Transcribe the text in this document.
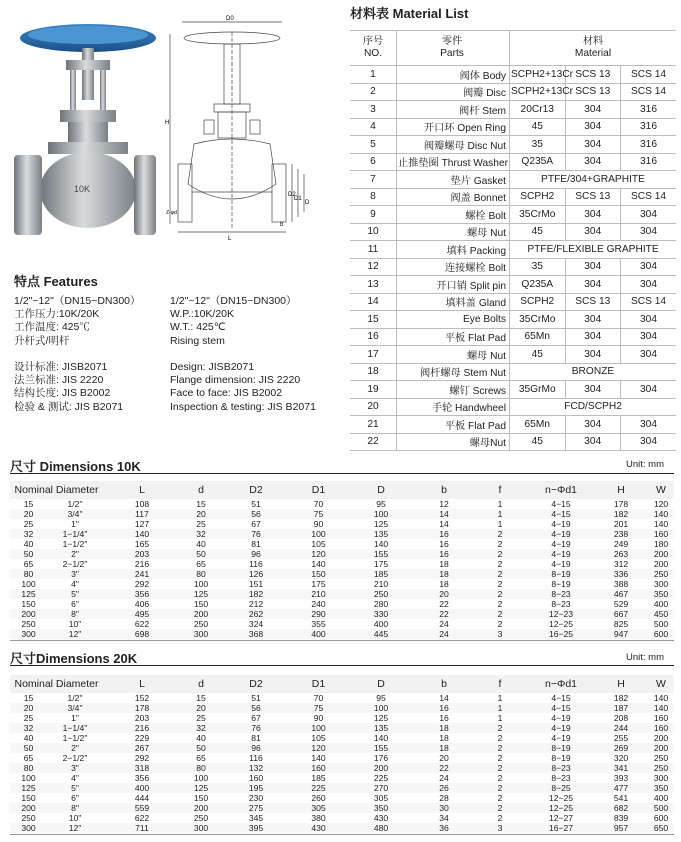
10K
D0
H
D2
D1
D
b
Z-φd
L
材料表 Material List
序号
NO.	零件
Parts	材料
Material		
1	阀体 Body	SCPH2+13Cr	SCS 13	SCS 14
2	阀瓣 Disc	SCPH2+13Cr	SCS 13	SCS 14
3	阀杆 Stem	20Cr13	304	316
4	开口环 Open Ring	45	304	316
5	阀瓣螺母 Disc Nut	35	304	316
6	止推垫圈 Thrust Washer	Q235A	304	316
7	垫片 Gasket	PTFE/304+GRAPHITE		
8	阀盖 Bonnet	SCPH2	SCS 13	SCS 14
9	螺栓 Bolt	35CrMo	304	304
10	螺母 Nut	45	304	304
11	填料 Packing	PTFE/FLEXIBLE GRAPHITE		
12	连接螺栓 Bolt	35	304	304
13	开口销 Split pin	Q235A	304	304
14	填料盖 Gland	SCPH2	SCS 13	SCS 14
15	Eye Bolts	35CrMo	304	304
16	平板 Flat Pad	65Mn	304	304
17	螺母 Nut	45	304	304
18	阀杆螺母 Stem Nut	BRONZE		
19	螺钉 Screws	35GrMo	304	304
20	手轮 Handwheel	FCD/SCPH2		
21	平板 Flat Pad	65Mn	304	304
22	螺母Nut	45	304	304
特点 Features
1/2"~12"（DN15~DN300）
工作压力:10K/20K
工作温度: 425℃
升杆式/明杆
1/2"~12"（DN15~DN300）
W.P.:10K/20K
W.T.: 425℃
Rising stem
设计标准: JISB2071
法兰标准: JIS 2220
结构长度: JIS B2002
检验 & 测试: JIS B2071
Design: JISB2071
Flange dimension: JIS 2220
Face to face: JIS B2002
Inspection & testing: JIS B2071
尺寸 Dimensions 10K	Unit: mm
Nominal Diameter		L	d	D2	D1	D	b	f	n−Φd1	H	W
15	1/2"	108	15	51	70	95	12	1	4−15	178	120
20	3/4"	117	20	56	75	100	14	1	4−15	182	140
25	1"	127	25	67	90	125	14	1	4−19	201	140
32	1−1/4"	140	32	76	100	135	16	2	4−19	238	160
40	1−1/2"	165	40	81	105	140	16	2	4−19	249	180
50	2"	203	50	96	120	155	16	2	4−19	263	200
65	2−1/2"	216	65	116	140	175	18	2	4−19	312	200
80	3"	241	80	126	150	185	18	2	8−19	336	250
100	4"	292	100	151	175	210	18	2	8−19	388	300
125	5"	356	125	182	210	250	20	2	8−23	467	350
150	6"	406	150	212	240	280	22	2	8−23	529	400
200	8"	495	200	262	290	330	22	2	12−23	667	450
250	10"	622	250	324	355	400	24	2	12−25	825	500
300	12"	698	300	368	400	445	24	3	16−25	947	600
尺寸Dimensions 20K	Unit: mm
Nominal Diameter		L	d	D2	D1	D	b	f	n−Φd1	H	W
15	1/2"	152	15	51	70	95	14	1	4−15	182	140
20	3/4"	178	20	56	75	100	16	1	4−15	187	140
25	1"	203	25	67	90	125	16	1	4−19	208	160
32	1−1/4"	216	32	76	100	135	18	2	4−19	244	160
40	1−1/2"	229	40	81	105	140	18	2	4−19	255	200
50	2"	267	50	96	120	155	18	2	8−19	269	200
65	2−1/2"	292	65	116	140	176	20	2	8−19	320	250
80	3"	318	80	132	160	200	22	2	8−23	341	250
100	4"	356	100	160	185	225	24	2	8−23	393	300
125	5"	400	125	195	225	270	26	2	8−25	477	350
150	6"	444	150	230	260	305	28	2	12−25	541	400
200	8"	559	200	275	305	350	30	2	12−25	682	500
250	10"	622	250	345	380	430	34	2	12−27	839	600
300	12"	711	300	395	430	480	36	3	16−27	957	650
